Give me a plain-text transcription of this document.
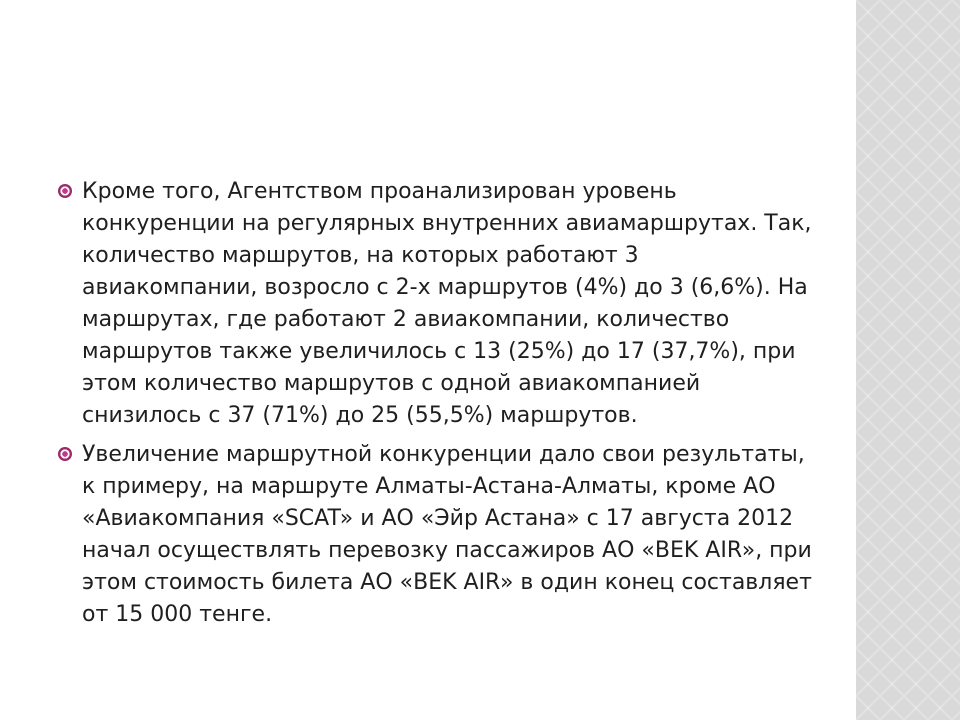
Кроме того, Агентством проанализирован уровень конкуренции на регулярных внутренних авиамаршрутах. Так, количество маршрутов, на которых работают 3 авиакомпании, возросло с 2-х маршрутов (4%) до 3 (6,6%). На маршрутах, где работают 2 авиакомпании, количество маршрутов также увеличилось с 13 (25%) до 17 (37,7%), при этом количество маршрутов с одной авиакомпанией снизилось с 37 (71%) до 25 (55,5%) маршрутов.
Увеличение маршрутной конкуренции дало свои результаты, к примеру, на маршруте Алматы-Астана-Алматы, кроме АО «Авиакомпания «SCAT» и АО «Эйр Астана» с 17 августа 2012 начал осуществлять перевозку пассажиров АО «BEK AIR», при этом стоимость билета АО «BEK AIR» в один конец составляет от 15 000 тенге.
